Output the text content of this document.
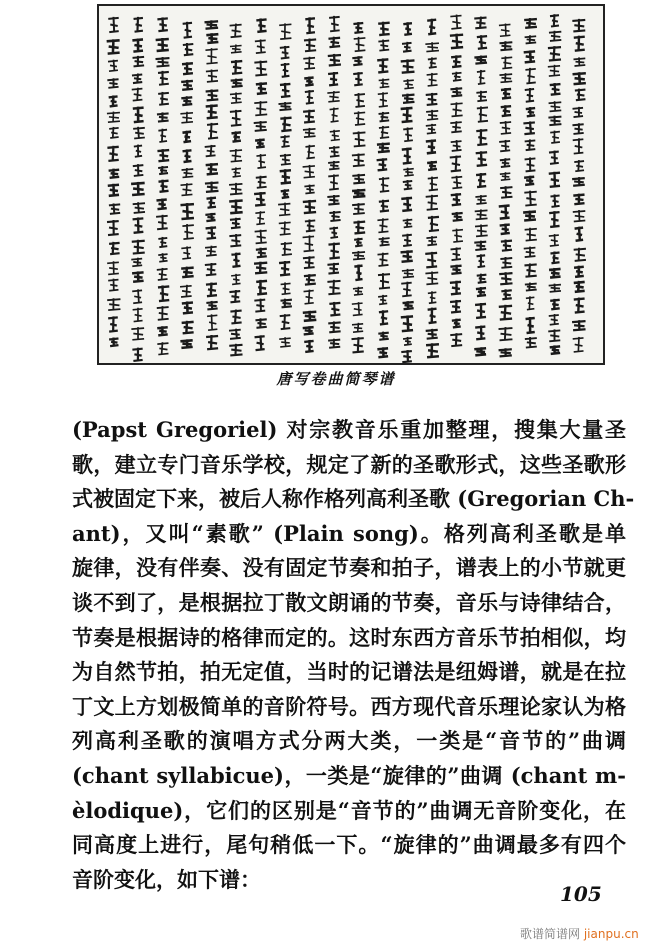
唐写卷曲简琴谱
(Papst Gregoriel) 对宗教音乐重加整理，搜集大量圣
歌，建立专门音乐学校，规定了新的圣歌形式，这些圣歌形
式被固定下来，被后人称作格列高利圣歌 (Gregorian Ch-
ant)，又叫“素歌” (Plain song)。格列高利圣歌是单
旋律，没有伴奏、没有固定节奏和拍子，谱表上的小节就更
谈不到了，是根据拉丁散文朗诵的节奏，音乐与诗律结合，
节奏是根据诗的格律而定的。这时东西方音乐节拍相似，均
为自然节拍，拍无定值，当时的记谱法是纽姆谱，就是在拉
丁文上方划极简单的音阶符号。西方现代音乐理论家认为格
列高利圣歌的演唱方式分两大类，一类是“音节的”曲调
(chant syllabicue)，一类是“旋律的”曲调 (chant m-
èlodique)，它们的区别是“音节的”曲调无音阶变化，在
同高度上进行，尾句稍低一下。“旋律的”曲调最多有四个
音阶变化，如下谱：
105
歌谱简谱网 jianpu.cn
